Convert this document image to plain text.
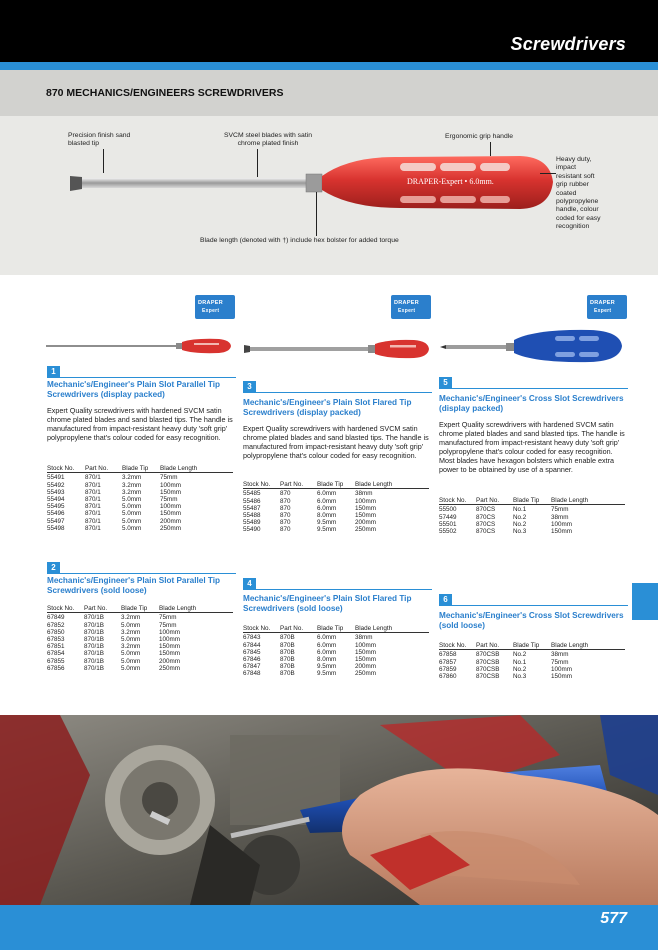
Screwdrivers
870 MECHANICS/ENGINEERS SCREWDRIVERS
DRAPER-Expert • 6.0mm.
Precision finish sand
blasted tip
SVCM steel blades with satin
chrome plated finish
Ergonomic grip handle
Heavy duty,
impact
resistant soft
grip rubber
coated
polypropylene
handle, colour
coded for easy
recognition
Blade length (denoted with †) include hex bolster for added torque
DRAPER
Expert
DRAPER
Expert
DRAPER
Expert
1
Mechanic's/Engineer's Plain Slot Parallel Tip Screwdrivers (display packed)
Expert Quality screwdrivers with hardened SVCM satin chrome plated blades and sand blasted tips. The handle is manufactured from impact-resistant heavy duty 'soft grip' polypropylene that's colour coded for easy recognition.
Stock No.	Part No.	Blade Tip	Blade Length
55491	870/1	3.2mm	75mm
55492	870/1	3.2mm	100mm
55493	870/1	3.2mm	150mm
55494	870/1	5.0mm	75mm
55495	870/1	5.0mm	100mm
55496	870/1	5.0mm	150mm
55497	870/1	5.0mm	200mm
55498	870/1	5.0mm	250mm
3
Mechanic's/Engineer's Plain Slot Flared Tip Screwdrivers (display packed)
Expert Quality screwdrivers with hardened SVCM satin chrome plated blades and sand blasted tips. The handle is manufactured from impact-resistant heavy duty 'soft grip' polypropylene that's colour coded for easy recognition.
Stock No.	Part No.	Blade Tip	Blade Length
55485	870	6.0mm	38mm
55486	870	6.0mm	100mm
55487	870	6.0mm	150mm
55488	870	8.0mm	150mm
55489	870	9.5mm	200mm
55490	870	9.5mm	250mm
5
Mechanic's/Engineer's Cross Slot Screwdrivers (display packed)
Expert Quality screwdrivers with hardened SVCM satin chrome plated blades and sand blasted tips. The handle is manufactured from impact-resistant heavy duty 'soft grip' polypropylene that's colour coded for easy recognition. Most blades have hexagon bolsters which enable extra power to be obtained by use of a spanner.
Stock No.	Part No.	Blade Tip	Blade Length
55500	870CS	No.1	75mm
57449	870CS	No.2	38mm
55501	870CS	No.2	100mm
55502	870CS	No.3	150mm
2
Mechanic's/Engineer's Plain Slot Parallel Tip Screwdrivers (sold loose)
Stock No.	Part No.	Blade Tip	Blade Length
67849	870/1B	3.2mm	75mm
67852	870/1B	5.0mm	75mm
67850	870/1B	3.2mm	100mm
67853	870/1B	5.0mm	100mm
67851	870/1B	3.2mm	150mm
67854	870/1B	5.0mm	150mm
67855	870/1B	5.0mm	200mm
67856	870/1B	5.0mm	250mm
4
Mechanic's/Engineer's Plain Slot Flared Tip Screwdrivers (sold loose)
Stock No.	Part No.	Blade Tip	Blade Length
67843	870B	6.0mm	38mm
67844	870B	6.0mm	100mm
67845	870B	6.0mm	150mm
67846	870B	8.0mm	150mm
67847	870B	9.5mm	200mm
67848	870B	9.5mm	250mm
6
Mechanic's/Engineer's Cross Slot Screwdrivers (sold loose)
Stock No.	Part No.	Blade Tip	Blade Length
67858	870CSB	No.2	38mm
67857	870CSB	No.1	75mm
67859	870CSB	No.2	100mm
67860	870CSB	No.3	150mm
577
